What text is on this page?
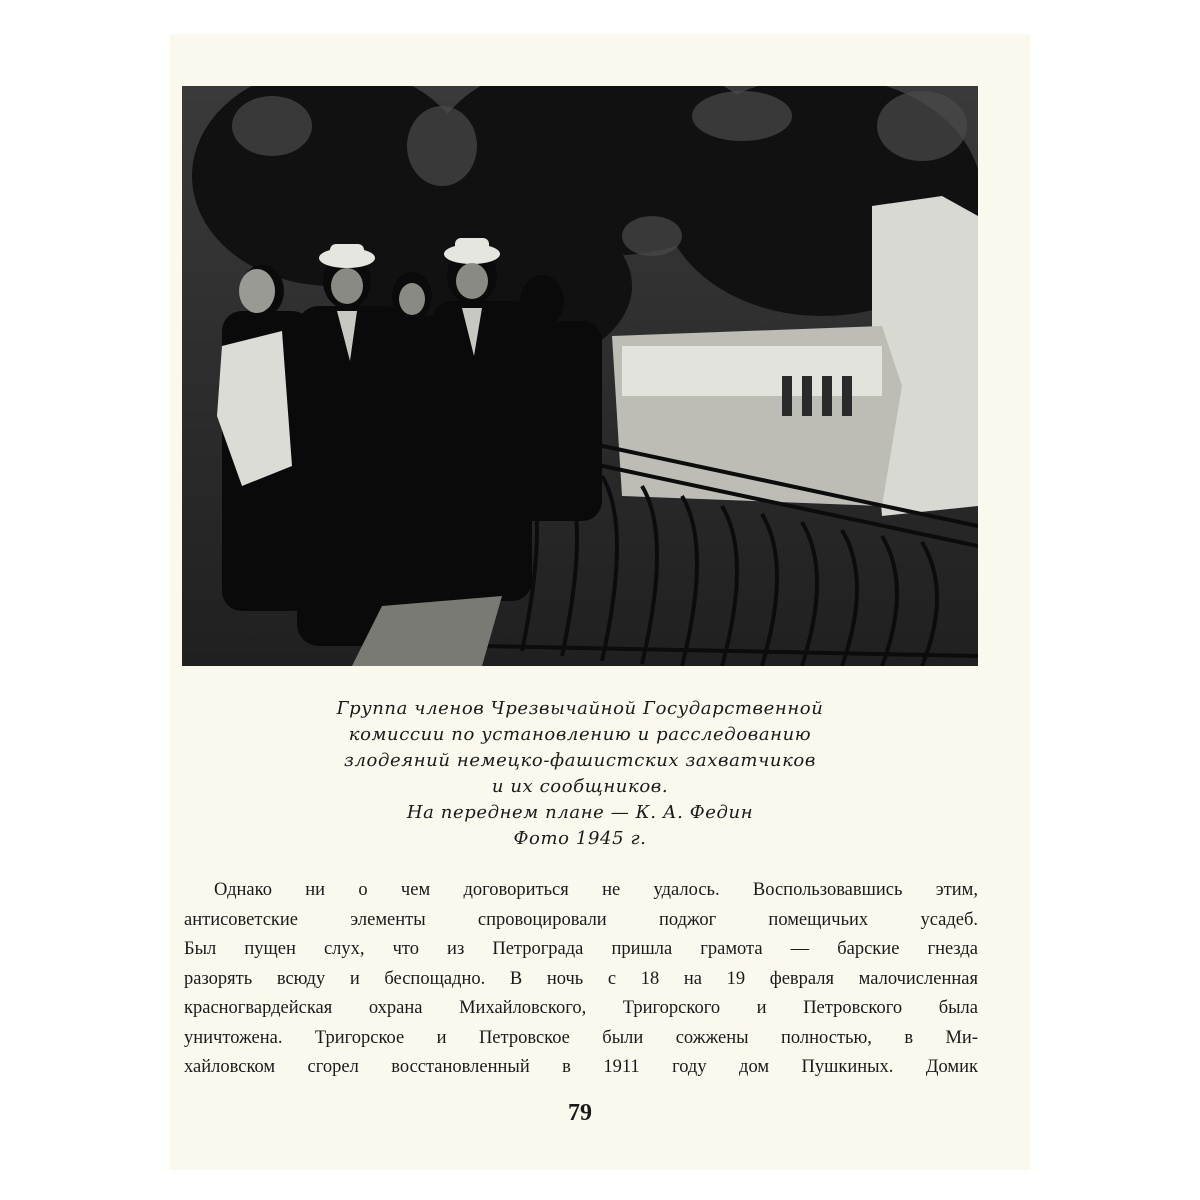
Группа членов Чрезвычайной Государственной
комиссии по установлению и расследованию
злодеяний немецко-фашистских захватчиков
и их сообщников.
На переднем плане — К. А. Федин
Фото 1945 г.
Однако ни о чем договориться не удалось. Воспользовавшись этим,
антисоветские элементы спровоцировали поджог помещичьих усадеб.
Был пущен слух, что из Петрограда пришла грамота — барские гнезда
разорять всюду и беспощадно. В ночь с 18 на 19 февраля малочисленная
красногвардейская охрана Михайловского, Тригорского и Петровского была
уничтожена. Тригорское и Петровское были сожжены полностью, в Ми-
хайловском сгорел восстановленный в 1911 году дом Пушкиных. Домик
79
